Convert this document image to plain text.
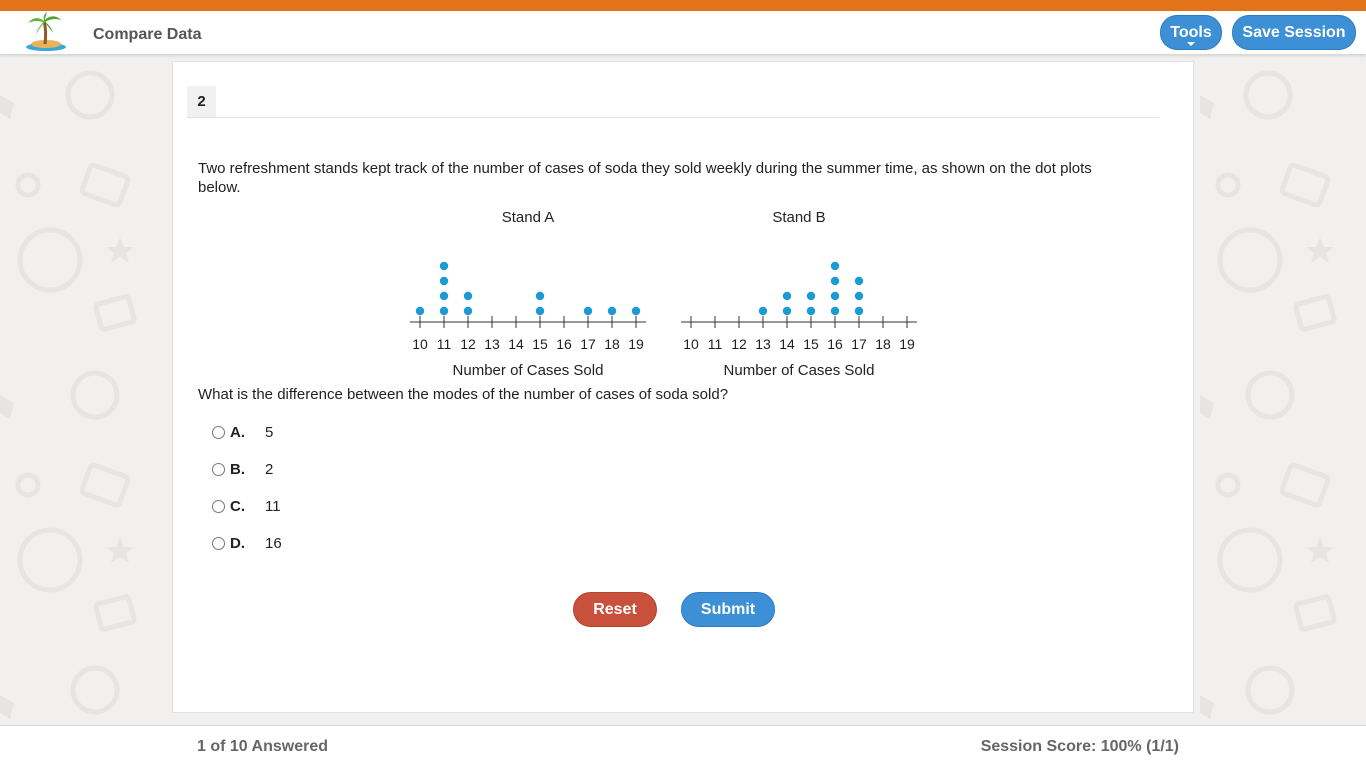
Compare Data	Tools	Save Session
2
Two refreshment stands kept track of the number of cases of soda they sold weekly during the summer time, as shown on the dot plots below.
Stand A
10 11 12 13 14 15 16 17 18 19
Number of Cases Sold
Stand B
10 11 12 13 14 15 16 17 18 19
Number of Cases Sold
What is the difference between the modes of the number of cases of soda sold?
A. 5
B. 2
C. 11
D. 16
Reset	Submit
1 of 10 Answered	Session Score: 100% (1/1)
